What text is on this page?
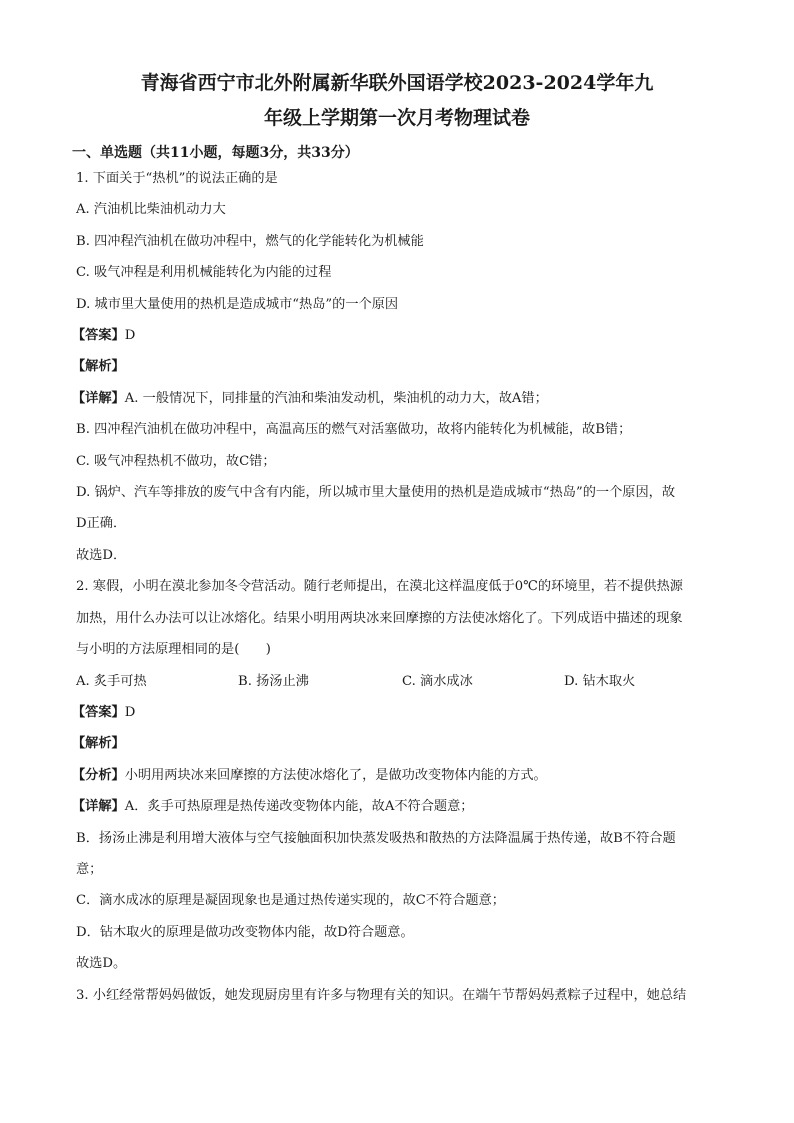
青海省西宁市北外附属新华联外国语学校2023-2024学年九
年级上学期第一次月考物理试卷
一、单选题（共11小题，每题3分，共33分）
1. 下面关于“热机”的说法正确的是
A. 汽油机比柴油机动力大
B. 四冲程汽油机在做功冲程中，燃气的化学能转化为机械能
C. 吸气冲程是利用机械能转化为内能的过程
D. 城市里大量使用的热机是造成城市“热岛”的一个原因
【答案】D
【解析】
【详解】A. 一般情况下，同排量的汽油和柴油发动机，柴油机的动力大，故A错；
B. 四冲程汽油机在做功冲程中，高温高压的燃气对活塞做功，故将内能转化为机械能，故B错；
C. 吸气冲程热机不做功，故C错；
D. 锅炉、汽车等排放的废气中含有内能，所以城市里大量使用的热机是造成城市“热岛”的一个原因，故
D正确．
故选D．
2. 寒假，小明在漠北参加冬令营活动。随行老师提出，在漠北这样温度低于0℃的环境里，若不提供热源
加热，用什么办法可以让冰熔化。结果小明用两块冰来回摩擦的方法使冰熔化了。下列成语中描述的现象
与小明的方法原理相同的是(　　)
A. 炙手可热	B. 扬汤止沸	C. 滴水成冰	D. 钻木取火
【答案】D
【解析】
【分析】小明用两块冰来回摩擦的方法使冰熔化了，是做功改变物体内能的方式。
【详解】A．炙手可热原理是热传递改变物体内能，故A不符合题意；
B．扬汤止沸是利用增大液体与空气接触面积加快蒸发吸热和散热的方法降温属于热传递，故B不符合题
意；
C．滴水成冰的原理是凝固现象也是通过热传递实现的，故C不符合题意；
D．钻木取火的原理是做功改变物体内能，故D符合题意。
故选D。
3. 小红经常帮妈妈做饭，她发现厨房里有许多与物理有关的知识。在端午节帮妈妈煮粽子过程中，她总结
